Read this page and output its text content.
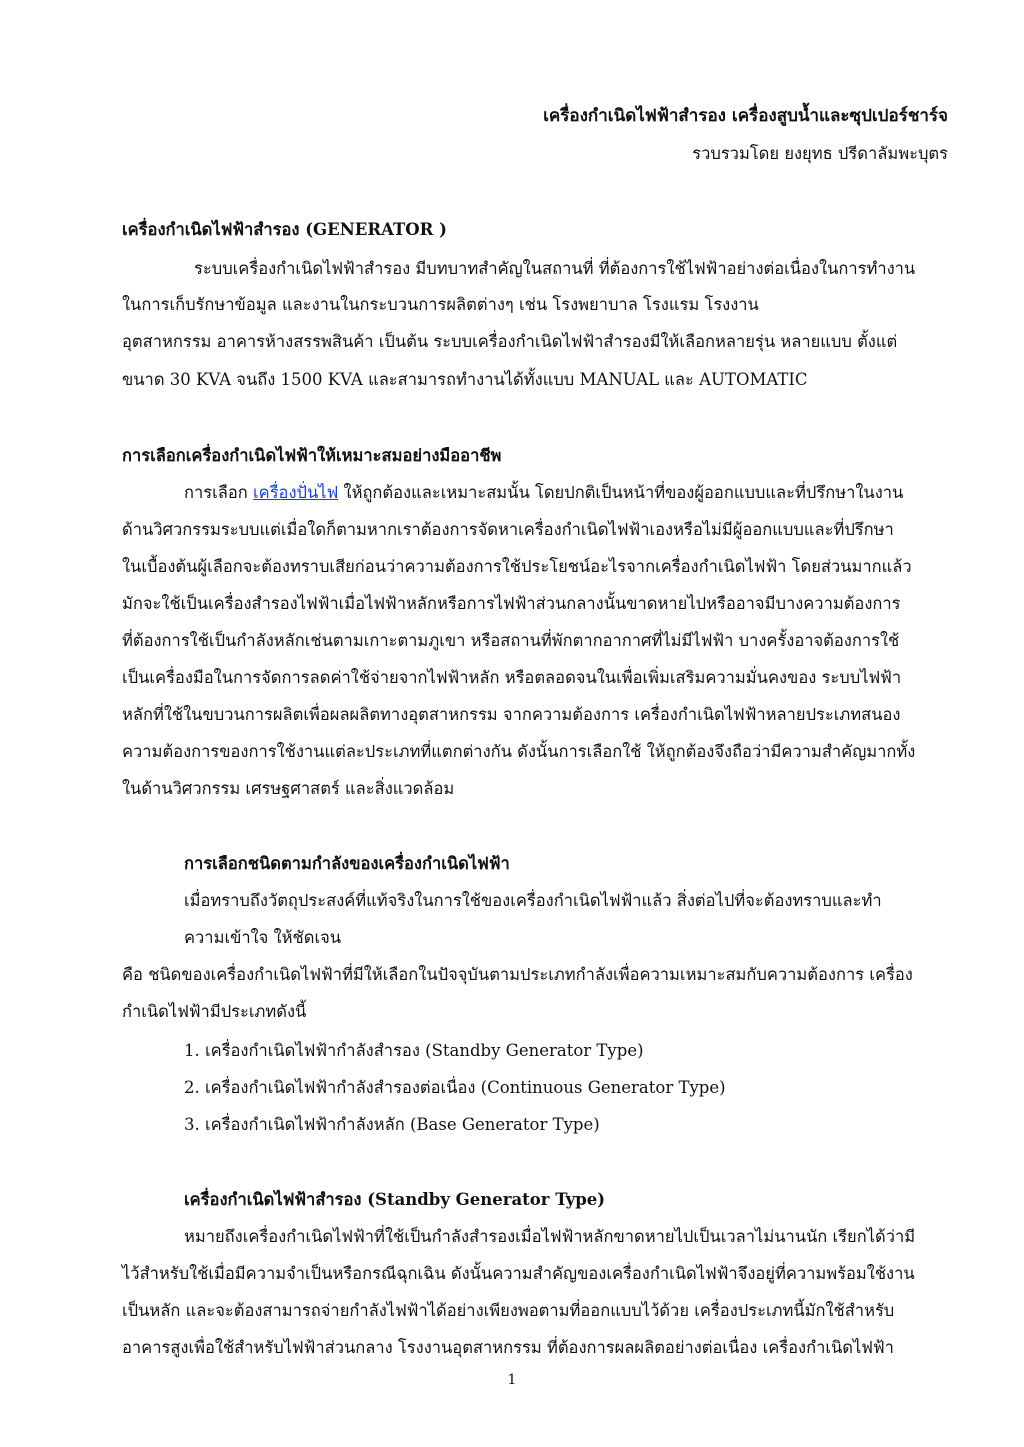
เครื่องกำเนิดไฟฟ้าสำรอง เครื่องสูบน้ำและซุปเปอร์ชาร์จ
รวบรวมโดย ยงยุทธ ปรีดาลัมพะบุตร
เครื่องกำเนิดไฟฟ้าสำรอง (GENERATOR )
ระบบเครื่องกำเนิดไฟฟ้าสำรอง มีบทบาทสำคัญในสถานที่ ที่ต้องการใช้ไฟฟ้าอย่างต่อเนื่องในการทำงาน
ในการเก็บรักษาข้อมูล และงานในกระบวนการผลิตต่างๆ เช่น โรงพยาบาล โรงแรม โรงงาน
อุตสาหกรรม อาคารห้างสรรพสินค้า เป็นต้น ระบบเครื่องกำเนิดไฟฟ้าสำรองมีให้เลือกหลายรุ่น หลายแบบ ตั้งแต่
ขนาด 30 KVA จนถึง 1500 KVA และสามารถทำงานได้ทั้งแบบ MANUAL และ AUTOMATIC
การเลือกเครื่องกำเนิดไฟฟ้าให้เหมาะสมอย่างมืออาชีพ
การเลือก เครื่องปั่นไฟ ให้ถูกต้องและเหมาะสมนั้น โดยปกติเป็นหน้าที่ของผู้ออกแบบและที่ปรึกษาในงาน
ด้านวิศวกรรมระบบแต่เมื่อใดก็ตามหากเราต้องการจัดหาเครื่องกำเนิดไฟฟ้าเองหรือไม่มีผู้ออกแบบและที่ปรึกษา
ในเบื้องต้นผู้เลือกจะต้องทราบเสียก่อนว่าความต้องการใช้ประโยชน์อะไรจากเครื่องกำเนิดไฟฟ้า โดยส่วนมากแล้ว
มักจะใช้เป็นเครื่องสำรองไฟฟ้าเมื่อไฟฟ้าหลักหรือการไฟฟ้าส่วนกลางนั้นขาดหายไปหรืออาจมีบางความต้องการ
ที่ต้องการใช้เป็นกำลังหลักเช่นตามเกาะตามภูเขา หรือสถานที่พักตากอากาศที่ไม่มีไฟฟ้า บางครั้งอาจต้องการใช้
เป็นเครื่องมือในการจัดการลดค่าใช้จ่ายจากไฟฟ้าหลัก หรือตลอดจนในเพื่อเพิ่มเสริมความมั่นคงของ ระบบไฟฟ้า
หลักที่ใช้ในขบวนการผลิตเพื่อผลผลิตทางอุตสาหกรรม จากความต้องการ เครื่องกำเนิดไฟฟ้าหลายประเภทสนอง
ความต้องการของการใช้งานแต่ละประเภทที่แตกต่างกัน ดังนั้นการเลือกใช้ ให้ถูกต้องจึงถือว่ามีความสำคัญมากทั้ง
ในด้านวิศวกรรม เศรษฐศาสตร์ และสิ่งแวดล้อม
การเลือกชนิดตามกำลังของเครื่องกำเนิดไฟฟ้า
เมื่อทราบถึงวัตถุประสงค์ที่แท้จริงในการใช้ของเครื่องกำเนิดไฟฟ้าแล้ว สิ่งต่อไปที่จะต้องทราบและทำ
ความเข้าใจ ให้ชัดเจน
คือ ชนิดของเครื่องกำเนิดไฟฟ้าที่มีให้เลือกในปัจจุบันตามประเภทกำลังเพื่อความเหมาะสมกับความต้องการ เครื่อง
กำเนิดไฟฟ้ามีประเภทดังนี้
1. เครื่องกำเนิดไฟฟ้ากำลังสำรอง (Standby Generator Type)
2. เครื่องกำเนิดไฟฟ้ากำลังสำรองต่อเนื่อง (Continuous Generator Type)
3. เครื่องกำเนิดไฟฟ้ากำลังหลัก (Base Generator Type)
เครื่องกำเนิดไฟฟ้าสำรอง (Standby Generator Type)
หมายถึงเครื่องกำเนิดไฟฟ้าที่ใช้เป็นกำลังสำรองเมื่อไฟฟ้าหลักขาดหายไปเป็นเวลาไม่นานนัก เรียกได้ว่ามี
ไว้สำหรับใช้เมื่อมีความจำเป็นหรือกรณีฉุกเฉิน ดังนั้นความสำคัญของเครื่องกำเนิดไฟฟ้าจึงอยู่ที่ความพร้อมใช้งาน
เป็นหลัก และจะต้องสามารถจ่ายกำลังไฟฟ้าได้อย่างเพียงพอตามที่ออกแบบไว้ด้วย เครื่องประเภทนี้มักใช้สำหรับ
อาคารสูงเพื่อใช้สำหรับไฟฟ้าส่วนกลาง โรงงานอุตสาหกรรม ที่ต้องการผลผลิตอย่างต่อเนื่อง เครื่องกำเนิดไฟฟ้า
1
